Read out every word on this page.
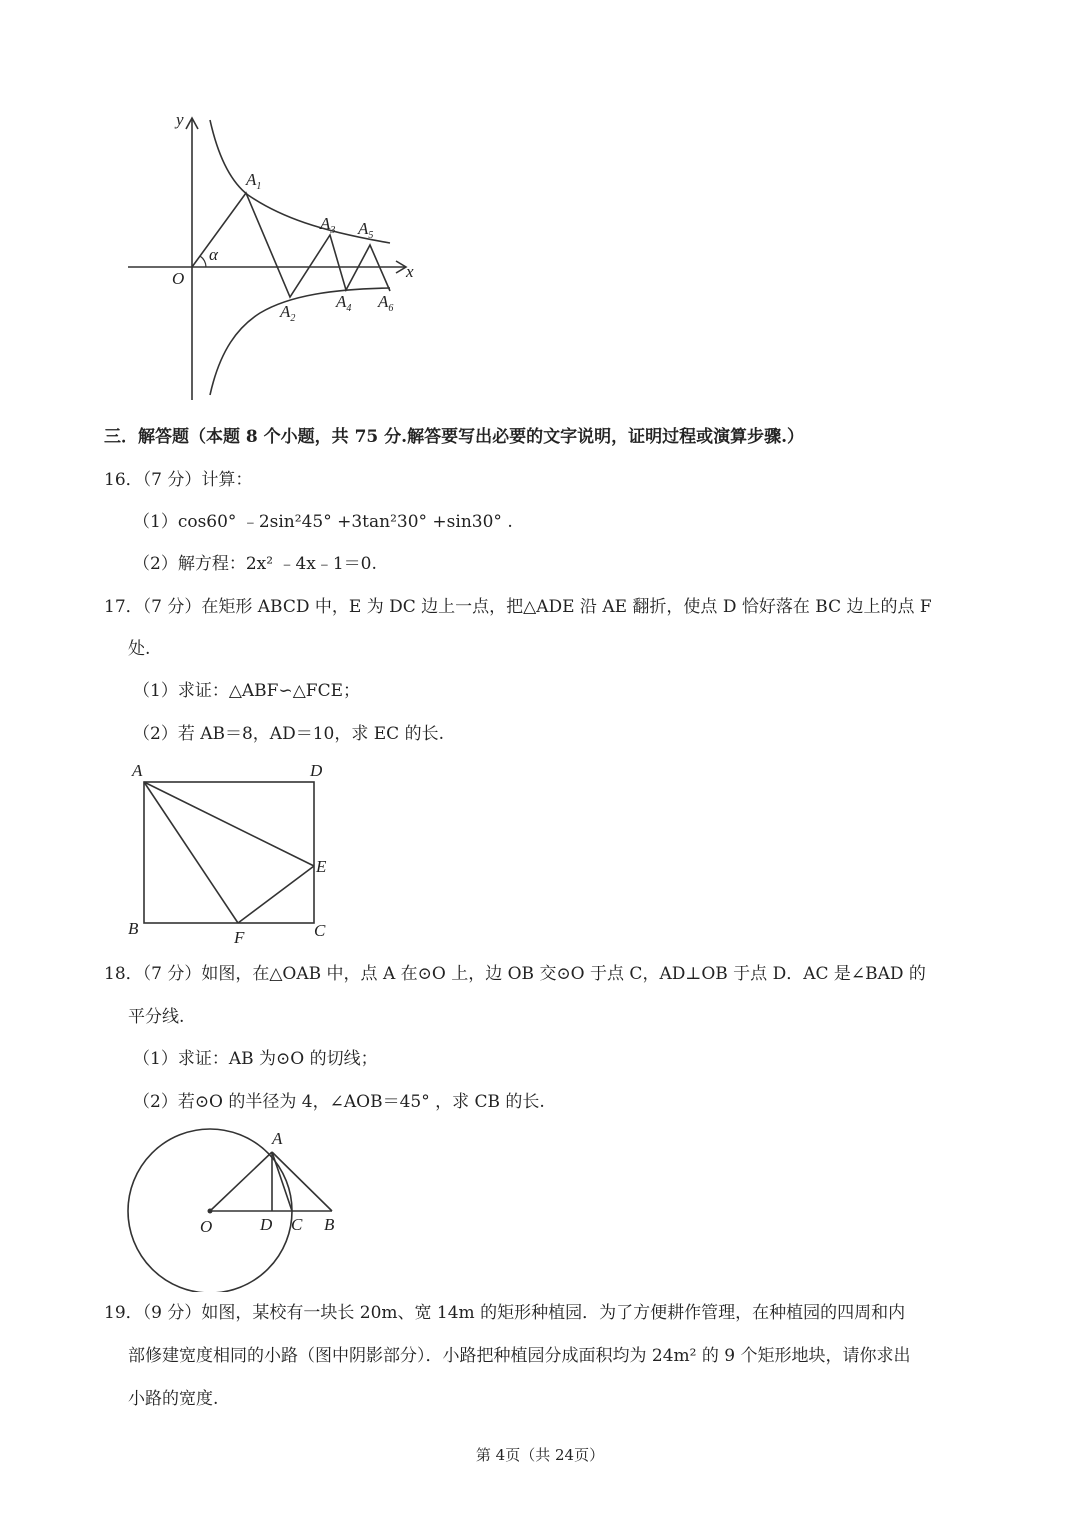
y
x
O
α
$A_1$
$A_2$
$A_3$
$A_4$
$A_5$
$A_6$
三．解答题（本题 8 个小题，共 75 分.解答要写出必要的文字说明，证明过程或演算步骤.）
16．（7 分）计算：
（1）cos60° ﹣2sin²45° +3tan²30° +sin30° .
（2）解方程：2x² ﹣4x﹣1＝0.
17．（7 分）在矩形 ABCD 中，E 为 DC 边上一点，把△ADE 沿 AE 翻折，使点 D 恰好落在 BC 边上的点 F
处.
（1）求证：△ABF∽△FCE；
（2）若 AB＝8，AD＝10，求 EC 的长.
A	D
E
B	F	C
18．（7 分）如图，在△OAB 中，点 A 在⊙O 上，边 OB 交⊙O 于点 C，AD⊥OB 于点 D．AC 是∠BAD 的
平分线.
（1）求证：AB 为⊙O 的切线；
（2）若⊙O 的半径为 4，∠AOB＝45° ，求 CB 的长.
A
O	D C B
19．（9 分）如图，某校有一块长 20m、宽 14m 的矩形种植园．为了方便耕作管理，在种植园的四周和内
部修建宽度相同的小路（图中阴影部分）．小路把种植园分成面积均为 24m² 的 9 个矩形地块，请你求出
小路的宽度.
第 4页（共 24页）
